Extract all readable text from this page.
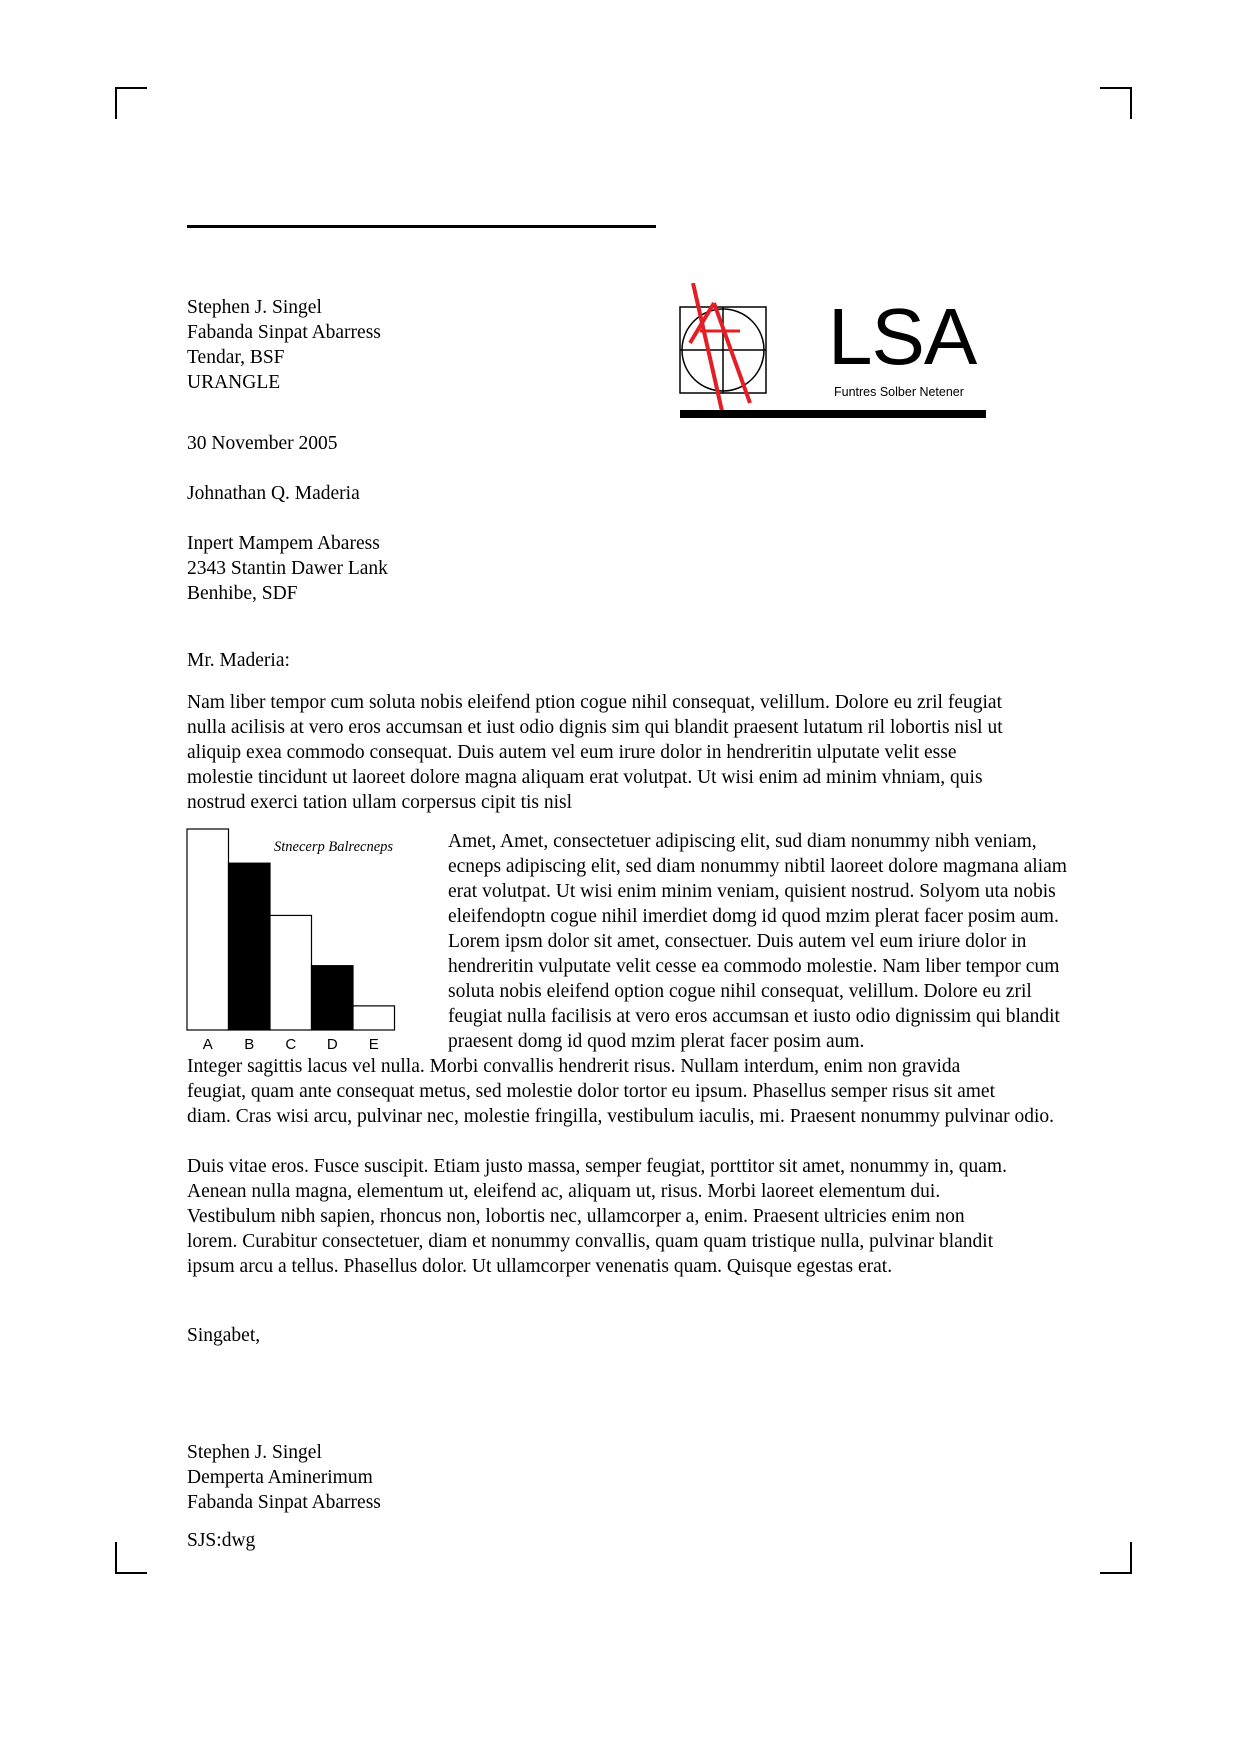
Stephen J. Singel
Fabanda Sinpat Abarress
Tendar, BSF
URANGLE
LSA
Funtres Solber Netener
30 November 2005
Johnathan Q. Maderia
Inpert Mampem Abaress
2343 Stantin Dawer Lank
Benhibe, SDF
Mr. Maderia:
Nam liber tempor cum soluta nobis eleifend ption cogue nihil consequat, velillum. Dolore eu zril feugiat
nulla acilisis at vero eros accumsan et iust odio dignis sim qui blandit praesent lutatum ril lobortis nisl ut
aliquip exea commodo consequat. Duis autem vel eum irure dolor in hendreritin ulputate velit esse
molestie tincidunt ut laoreet dolore magna aliquam erat volutpat. Ut wisi enim ad minim vhniam, quis
nostrud exerci tation ullam corpersus cipit tis nisl
Stnecerp Balrecneps
A B C D E
Amet, Amet, consectetuer adipiscing elit, sud diam nonummy nibh veniam,
ecneps adipiscing elit, sed diam nonummy nibtil laoreet dolore magmana aliam
erat volutpat. Ut wisi enim minim veniam, quisient nostrud. Solyom uta nobis
eleifendoptn cogue nihil imerdiet domg id quod mzim plerat facer posim aum.
Lorem ipsm dolor sit amet, consectuer. Duis autem vel eum iriure dolor in
hendreritin vulputate velit cesse ea commodo molestie. Nam liber tempor cum
soluta nobis eleifend option cogue nihil consequat, velillum. Dolore eu zril
feugiat nulla facilisis at vero eros accumsan et iusto odio dignissim qui blandit
praesent domg id quod mzim plerat facer posim aum.
Integer sagittis lacus vel nulla. Morbi convallis hendrerit risus. Nullam interdum, enim non gravida
feugiat, quam ante consequat metus, sed molestie dolor tortor eu ipsum. Phasellus semper risus sit amet
diam. Cras wisi arcu, pulvinar nec, molestie fringilla, vestibulum iaculis, mi. Praesent nonummy pulvinar odio.
Duis vitae eros. Fusce suscipit. Etiam justo massa, semper feugiat, porttitor sit amet, nonummy in, quam.
Aenean nulla magna, elementum ut, eleifend ac, aliquam ut, risus. Morbi laoreet elementum dui.
Vestibulum nibh sapien, rhoncus non, lobortis nec, ullamcorper a, enim. Praesent ultricies enim non
lorem. Curabitur consectetuer, diam et nonummy convallis, quam quam tristique nulla, pulvinar blandit
ipsum arcu a tellus. Phasellus dolor. Ut ullamcorper venenatis quam. Quisque egestas erat.
Singabet,
Stephen J. Singel
Demperta Aminerimum
Fabanda Sinpat Abarress
SJS:dwg
